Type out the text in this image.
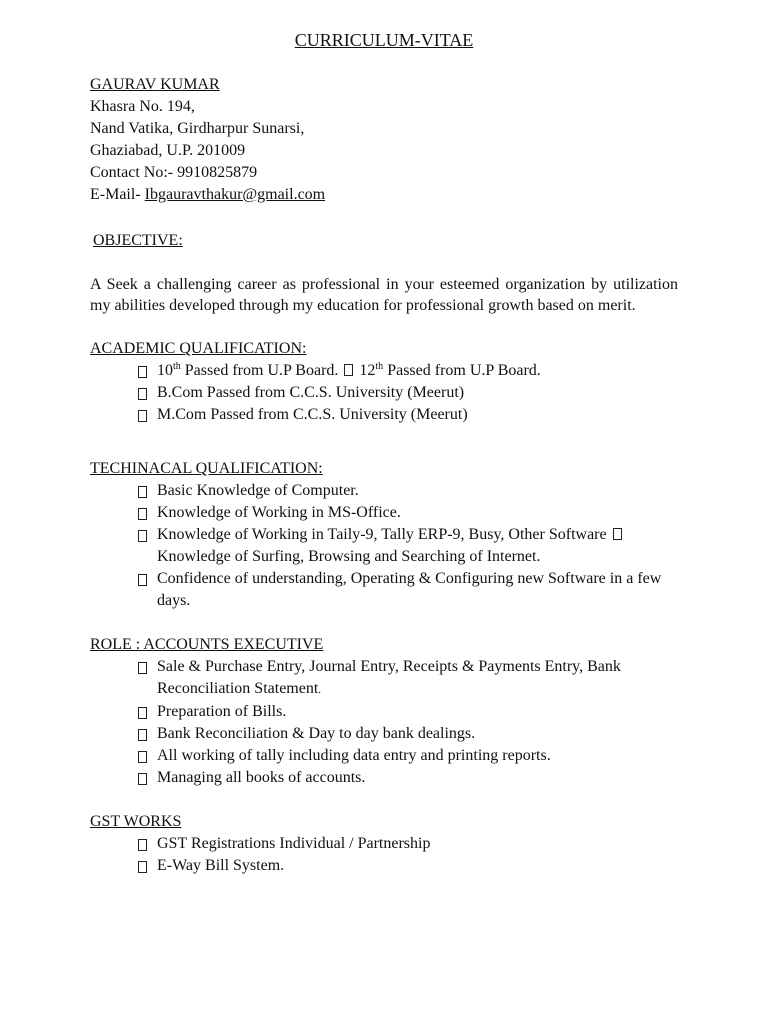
CURRICULUM-VITAE

GAURAV KUMAR

Khasra No. 194,

Nand Vatika, Girdharpur Sunarsi,

Ghaziabad, U.P. 201009

Contact No:- 9910825879

E-Mail- Ibgauravthakur@gmail.com

OBJECTIVE:

A Seek a challenging career as professional in your esteemed organization by utilization my abilities developed through my education for professional growth based on merit.

ACADEMIC QUALIFICATION:

10th Passed from U.P Board.  12th Passed from U.P Board.
B.Com Passed from C.C.S. University (Meerut)
M.Com Passed from C.C.S. University (Meerut)

TECHINACAL QUALIFICATION:

Basic Knowledge of Computer.
Knowledge of Working in MS-Office.
Knowledge of Working in Taily-9, Tally ERP-9, Busy, Other Software  Knowledge of Surfing, Browsing and Searching of Internet.
Confidence of understanding, Operating & Configuring new Software in a few days.

ROLE : ACCOUNTS EXECUTIVE

Sale & Purchase Entry, Journal Entry, Receipts & Payments Entry, Bank Reconciliation Statement.
Preparation of Bills.
Bank Reconciliation & Day to day bank dealings.
All working of tally including data entry and printing reports.
Managing all books of accounts.

GST WORKS

GST Registrations Individual / Partnership
E-Way Bill System.
